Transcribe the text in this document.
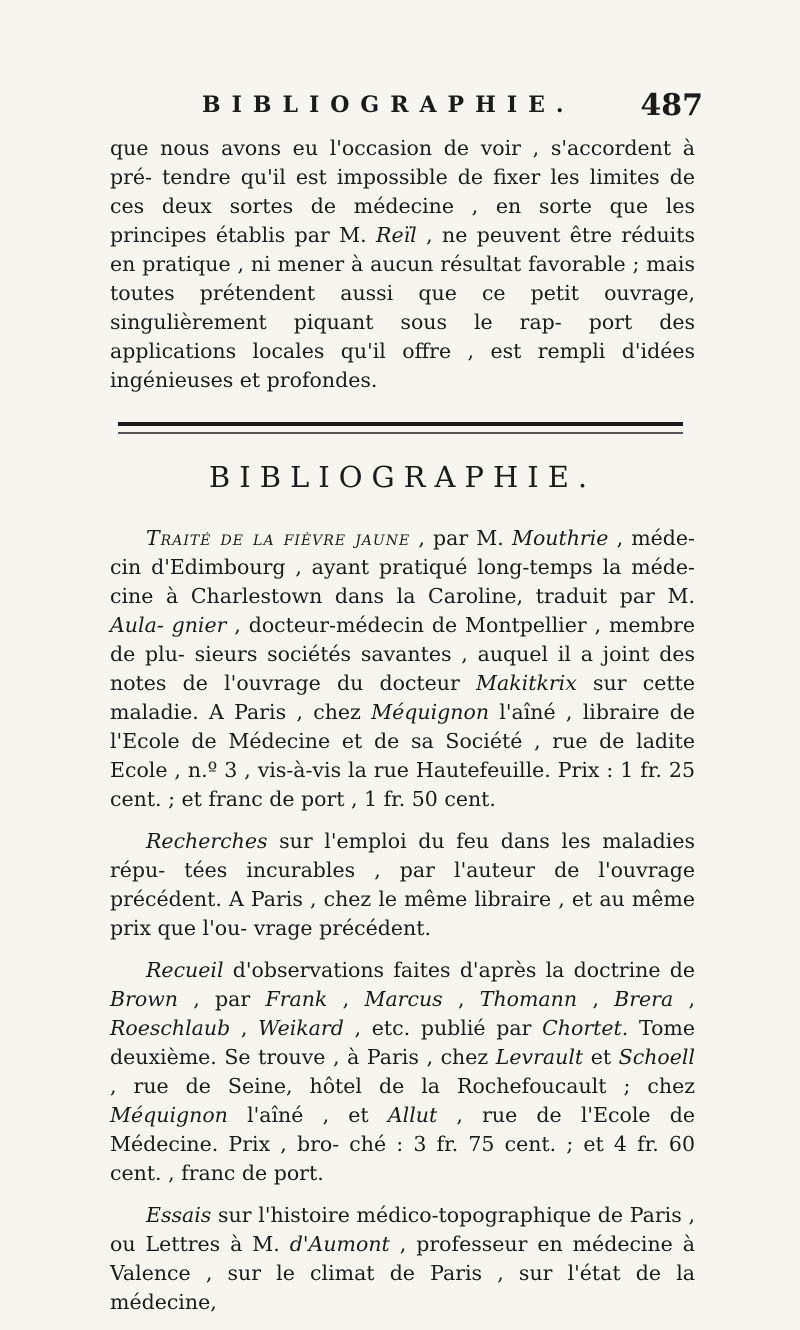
BIBLIOGRAPHIE. 487

que nous avons eu l'occasion de voir , s'accordent à pré- tendre qu'il est impossible de fixer les limites de ces deux sortes de médecine , en sorte que les principes établis par M. Reïl , ne peuvent être réduits en pratique , ni mener à aucun résultat favorable ; mais toutes prétendent aussi que ce petit ouvrage, singulièrement piquant sous le rap- port des applications locales qu'il offre , est rempli d'idées ingénieuses et profondes.

BIBLIOGRAPHIE.

Traité de la fièvre jaune , par M. Mouthrie , méde- cin d'Edimbourg , ayant pratiqué long-temps la méde- cine à Charlestown dans la Caroline, traduit par M. Aula- gnier , docteur-médecin de Montpellier , membre de plu- sieurs sociétés savantes , auquel il a joint des notes de l'ouvrage du docteur Makitkrix sur cette maladie. A Paris , chez Méquignon l'aîné , libraire de l'Ecole de Médecine et de sa Société , rue de ladite Ecole , n.º 3 , vis-à-vis la rue Hautefeuille. Prix : 1 fr. 25 cent. ; et franc de port , 1 fr. 50 cent.

Recherches sur l'emploi du feu dans les maladies répu- tées incurables , par l'auteur de l'ouvrage précédent. A Paris , chez le même libraire , et au même prix que l'ou- vrage précédent.

Recueil d'observations faites d'après la doctrine de Brown , par Frank , Marcus , Thomann , Brera , Roeschlaub , Weikard , etc. publié par Chortet. Tome deuxième. Se trouve , à Paris , chez Levrault et Schoell , rue de Seine, hôtel de la Rochefoucault ; chez Méquignon l'aîné , et Allut , rue de l'Ecole de Médecine. Prix , bro- ché : 3 fr. 75 cent. ; et 4 fr. 60 cent. , franc de port.

Essais sur l'histoire médico-topographique de Paris , ou Lettres à M. d'Aumont , professeur en médecine à Valence , sur le climat de Paris , sur l'état de la médecine,
